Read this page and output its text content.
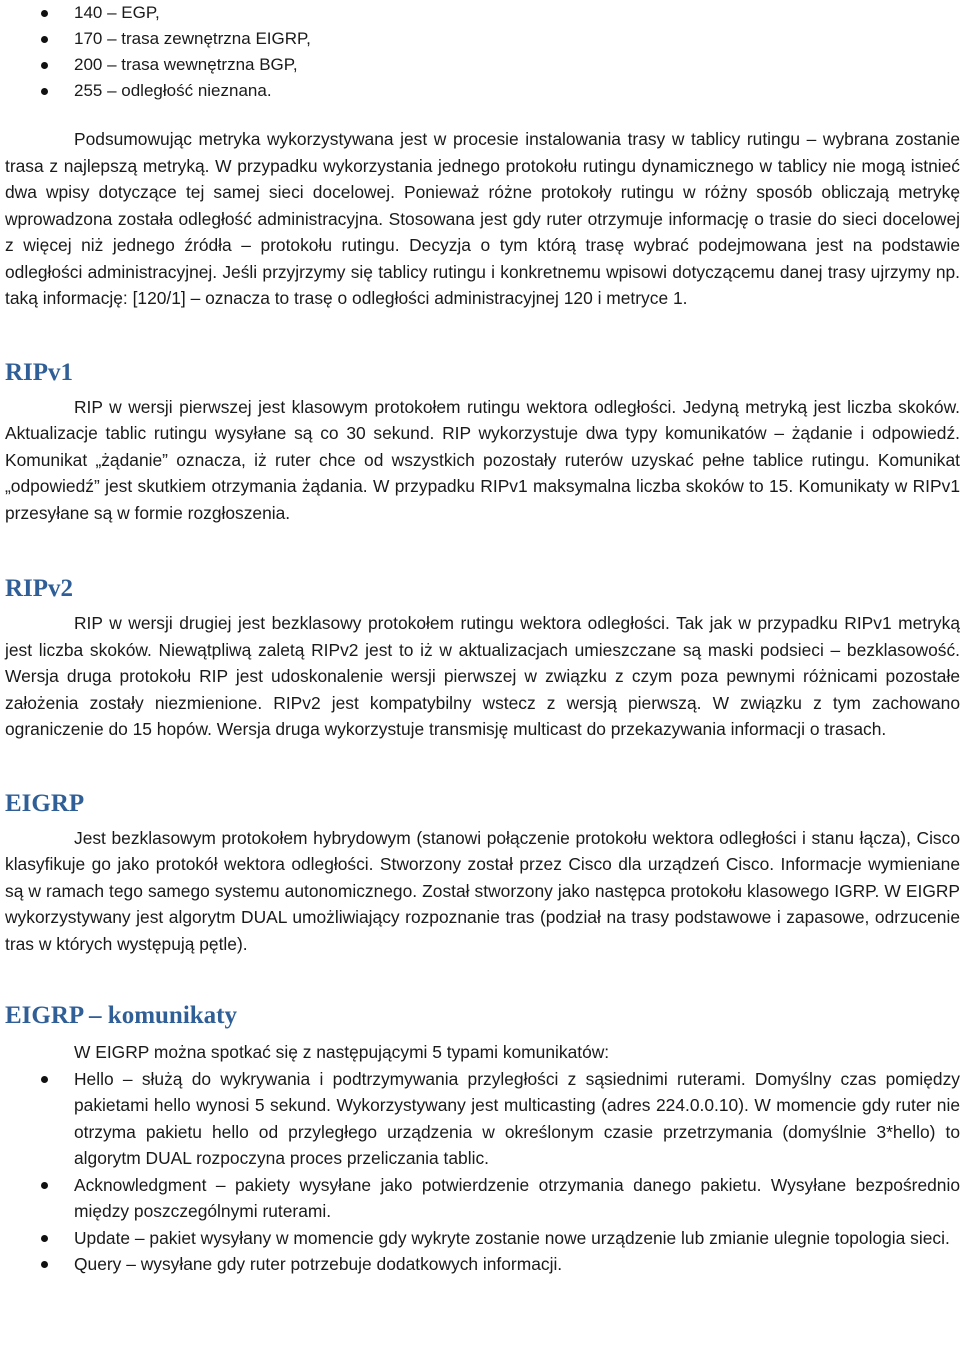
140 – EGP,
170 – trasa zewnętrzna EIGRP,
200 – trasa wewnętrzna BGP,
255 – odległość nieznana.

Podsumowując metryka wykorzystywana jest w procesie instalowania trasy w tablicy rutingu – wybrana zostanie trasa z najlepszą metryką. W przypadku wykorzystania jednego protokołu rutingu dynamicznego w tablicy nie mogą istnieć dwa wpisy dotyczące tej samej sieci docelowej. Ponieważ różne protokoły rutingu w różny sposób obliczają metrykę wprowadzona została odległość administracyjna. Stosowana jest gdy ruter otrzymuje informację o trasie do sieci docelowej z więcej niż jednego źródła – protokołu rutingu. Decyzja o tym którą trasę wybrać podejmowana jest na podstawie odległości administracyjnej. Jeśli przyjrzymy się tablicy rutingu i konkretnemu wpisowi dotyczącemu danej trasy ujrzymy np. taką informację: [120/1] – oznacza to trasę o odległości administracyjnej 120 i metryce 1.

RIPv1

RIP w wersji pierwszej jest klasowym protokołem rutingu wektora odległości. Jedyną metryką jest liczba skoków. Aktualizacje tablic rutingu wysyłane są co 30 sekund. RIP wykorzystuje dwa typy komunikatów – żądanie i odpowiedź. Komunikat „żądanie” oznacza, iż ruter chce od wszystkich pozostały ruterów uzyskać pełne tablice rutingu. Komunikat „odpowiedź” jest skutkiem otrzymania żądania. W przypadku RIPv1 maksymalna liczba skoków to 15. Komunikaty w RIPv1 przesyłane są w formie rozgłoszenia.

RIPv2

RIP w wersji drugiej jest bezklasowy protokołem rutingu wektora odległości. Tak jak w przypadku RIPv1 metryką jest liczba skoków. Niewątpliwą zaletą RIPv2 jest to iż w aktualizacjach umieszczane są maski podsieci – bezklasowość. Wersja druga protokołu RIP jest udoskonalenie wersji pierwszej w związku z czym poza pewnymi różnicami pozostałe założenia zostały niezmienione. RIPv2 jest kompatybilny wstecz z wersją pierwszą. W związku z tym zachowano ograniczenie do 15 hopów. Wersja druga wykorzystuje transmisję multicast do przekazywania informacji o trasach.

EIGRP

Jest bezklasowym protokołem hybrydowym (stanowi połączenie protokołu wektora odległości i stanu łącza), Cisco klasyfikuje go jako protokół wektora odległości. Stworzony został przez Cisco dla urządzeń Cisco. Informacje wymieniane są w ramach tego samego systemu autonomicznego. Został stworzony jako następca protokołu klasowego IGRP. W EIGRP wykorzystywany jest algorytm DUAL umożliwiający rozpoznanie tras (podział na trasy podstawowe i zapasowe, odrzucenie tras w których występują pętle).

EIGRP – komunikaty

W EIGRP można spotkać się z następującymi 5 typami komunikatów:

Hello – służą do wykrywania i podtrzymywania przyległości z sąsiednimi ruterami. Domyślny czas pomiędzy pakietami hello wynosi 5 sekund. Wykorzystywany jest multicasting (adres 224.0.0.10). W momencie gdy ruter nie otrzyma pakietu hello od przyległego urządzenia w określonym czasie przetrzymania (domyślnie 3*hello) to algorytm DUAL rozpoczyna proces przeliczania tablic.
Acknowledgment – pakiety wysyłane jako potwierdzenie otrzymania danego pakietu. Wysyłane bezpośrednio między poszczególnymi ruterami.
Update – pakiet wysyłany w momencie gdy wykryte zostanie nowe urządzenie lub zmianie ulegnie topologia sieci.
Query – wysyłane gdy ruter potrzebuje dodatkowych informacji.
